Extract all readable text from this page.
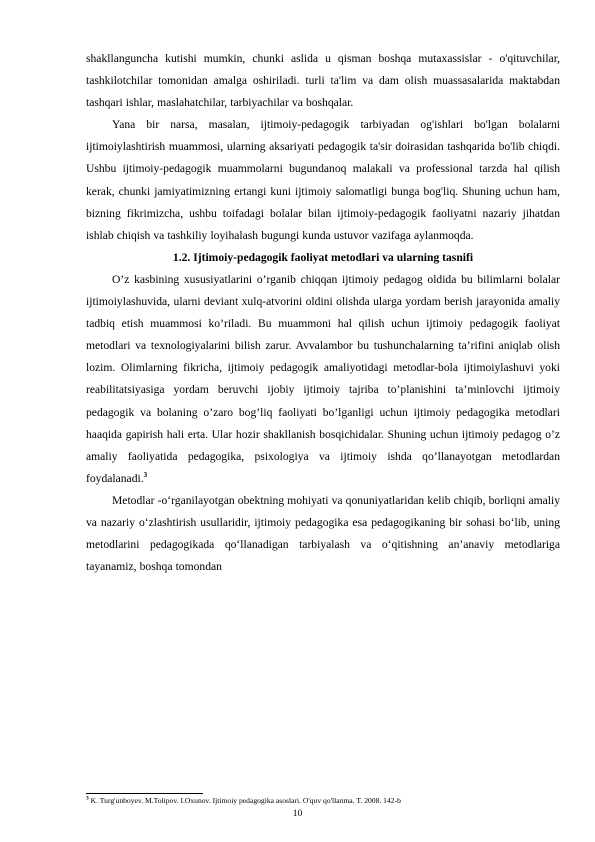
shakllanguncha kutishi mumkin, chunki aslida u qisman boshqa mutaxassislar - o'qituvchilar, tashkilotchilar tomonidan amalga oshiriladi. turli ta'lim va dam olish muassasalarida maktabdan tashqari ishlar, maslahatchilar, tarbiyachilar va boshqalar.

Yana bir narsa, masalan, ijtimoiy-pedagogik tarbiyadan og'ishlari bo'lgan bolalarni ijtimoiylashtirish muammosi, ularning aksariyati pedagogik ta'sir doirasidan tashqarida bo'lib chiqdi. Ushbu ijtimoiy-pedagogik muammolarni bugundanoq malakali va professional tarzda hal qilish kerak, chunki jamiyatimizning ertangi kuni ijtimoiy salomatligi bunga bog'liq. Shuning uchun ham, bizning fikrimizcha, ushbu toifadagi bolalar bilan ijtimoiy-pedagogik faoliyatni nazariy jihatdan ishlab chiqish va tashkiliy loyihalash bugungi kunda ustuvor vazifaga aylanmoqda.

1.2. Ijtimoiy-pedagogik faoliyat metodlari va ularning tasnifi

O’z kasbining xususiyatlarini o’rganib chiqqan ijtimoiy pedagog oldida bu bilimlarni bolalar ijtimoiylashuvida, ularni deviant xulq-atvorini oldini olishda ularga yordam berish jarayonida amaliy tadbiq etish muammosi ko’riladi. Bu muammoni hal qilish uchun ijtimoiy pedagogik faoliyat metodlari va texnologiyalarini bilish zarur. Avvalambor bu tushunchalarning ta’rifini aniqlab olish lozim. Olimlarning fikricha, ijtimoiy pedagogik amaliyotidagi metodlar-bola ijtimoiylashuvi yoki reabilitatsiyasiga yordam beruvchi ijobiy ijtimoiy tajriba to’planishini ta’minlovchi ijtimoiy pedagogik va bolaning o’zaro bog’liq faoliyati bo’lganligi uchun ijtimoiy pedagogika metodlari haaqida gapirish hali erta. Ular hozir shakllanish bosqichidalar. Shuning uchun ijtimoiy pedagog o’z amaliy faoliyatida pedagogika, psixologiya va ijtimoiy ishda qo’llanayotgan metodlardan foydalanadi.$^3$

Metodlar -o‘rganilayotgan obektning mohiyati va qonuniyatlaridan kelib chiqib, borliqni amaliy va nazariy o‘zlashtirish usullaridir, ijtimoiy pedagogika esa pedagogikaning bir sohasi bo‘lib, uning metodlarini pedagogikada qo‘llanadigan tarbiyalash va o‘qitishning an’anaviy metodlariga tayanamiz, boshqa tomondan

$^3$ K. Turg'unboyev. M.Tolipov. I.Oxunov. Ijtimoiy pedagogika asoslari. O'quv qo'llanma. T. 2008. 142-b
10
